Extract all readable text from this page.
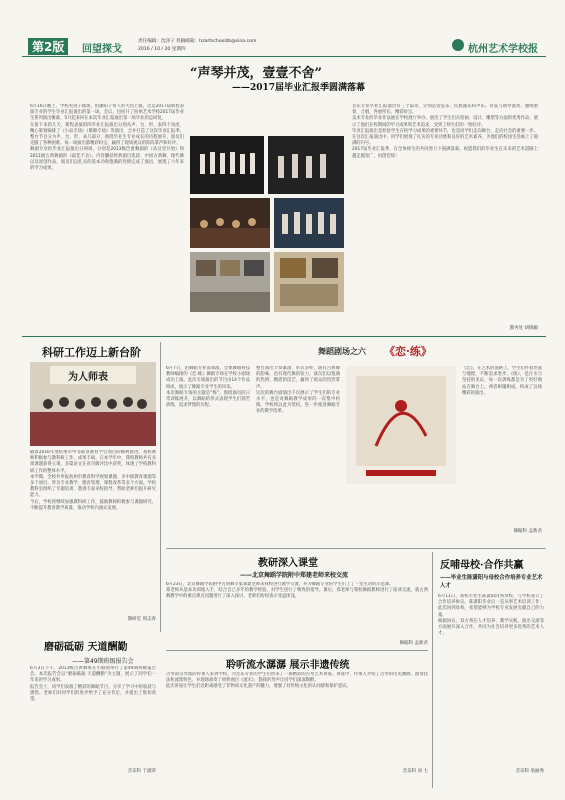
第2版	回望探戈
责任编辑：沈泽子 投稿邮箱：hzartschoolzb@sina.com
2016 / 10 / 20 星期四	杭州艺术学校报
“声琴并茂，壹壹不舍”
——2017届毕业汇报季圆满落幕
6月16日晚上，学校英语子剧场，由潘阳子带人的大热上演。这是2017届新程表演专业的学生毕业汇报演出的第一场。会议，包括开了杭州艺术学校2017届毕业生系列演出帷幕，5月起来回在本次毕业汇报演出第一场毕业的总回复。
在接下来的几天，新程表演的四毕业汇报演出分别从声、台、形、表四个角度，精心策划编排了《小品专场》《歌舞专场》等演出，合并打造了这次毕业汇报季。整台节目分为声、台、形、表几部分，围绕毕业生专业成长的历程展开，演员们克服了各种困难。每一场演出都精彩纷呈，赢得了现场观众的阵阵掌声和好评。
舞剧专业的毕业汇报演出分两场，分别是2013级芭蕾舞剧的《从这里开始》和2011级古典舞剧的《最佳不舍》，内容囊括经典剧目选段、中国古典舞、现代舞以及原创作品。演员们以扎实的基本功和饱满的热情完成了演出，展现了六年来的学习成果。
音乐专业毕业汇报演出有三个篇章，分别是管弦乐、民族器乐和声乐。管弦与钢琴演奏、独唱重奏、合唱，各展所长，精彩纷呈。
美术专业的毕业作品展在学校展厅举办，展出了学生们在绘画、设计、雕塑等方面的优秀作品，展示了他们在校期间的学习成果和艺术追求，受到了师生们的一致好评。
毕业汇报演出是检验学生在校学习成果的重要环节，也是同学们走向舞台、走向社会的重要一步。在这次汇报演出中，同学们展现了扎实的专业功底和良好的艺术素养，为他们的校园生活画上了圆满的句号。
2017届毕业汇报季，在全体师生的共同努力下圆满落幕。祝愿我们的毕业生在未来的艺术道路上越走越宽广，再创佳绩！
教务处 胡锦颖
科研工作迈上新台阶
为人师表
随着2016年度杭州市中等职业教育学会项目的顺利推进，我校教师积极参与教科研工作，成果丰硕。在本学年中，我校教师共有多项课题获得立项，多篇论文在省市级评比中获奖，体现了学校教科研工作的整体水平。
本学期，全校共申报杭州市教育科学规划课题、市中职教育课题等多个项目，涉及专业教学、德育管理、课程改革等多个方面。学校教科室组织了专题培训，邀请专家来校指导，帮助老师们提升研究能力。
今后，学校将继续加强教科研工作，鼓励教师积极参与课题研究，不断提升教育教学质量，推动学校内涵式发展。
教研室 周志春
磨砺砥砺 天道酬勤
——第49期班级报告会
6月3日下午，2013级古典舞班在小剧场举行了第49期班级报告会。本次报告会以“磨砺砥砺 天道酬勤”为主题，展示了同学们一年来的学习成果。
报告会上，同学们表演了精彩的舞蹈节目，分享了学习中的收获与感悟。老师们对同学们的进步给予了充分肯定，并提出了殷切希望。
音乐科 于淑荣
舞蹈剧场之六 《恋·练》
6月7日，由舞蹈专业部承演，全体舞蹈科技教师编排的《恋·练》舞蹈专场在学校小剧场成功上演。此次专场演出的节目由14个作品组成，展示了舞蹈专业学生的风采。
本次舞蹈专场的主题是“练”，围绕演员的日常训练展开，以舞蹈的形式表现学生们刻苦训练、追求梦想的历程。
整台演出节奏紧凑、形式多样，既有古典舞的韵味，也有现代舞的张力。演员们以饱满的热情、精湛的技艺，赢得了观众的热烈掌声。
这次的舞台剧演出不仅展示了学生们的专业水平，也是对舞蹈教学成果的一次集中检阅。学校将以此为契机，进一步推进舞蹈专业的教学改革。
《恋》，在艺术的道路上，学生们怀着热爱与憧憬，不断追求进步。《练》，是汗水与坚持的见证，每一次训练都是为了更好地站在舞台上。两者相辅相成，构成了这场精彩的演出。
舞蹈科 孟新君
教研深入课堂
——北京舞蹈学院附中郑建老师来校交流
6月23日，北京舞蹈学院附中古典舞专家郑建老师来我校进行教学交流，并为舞蹈专业的学生们上了一堂生动的示范课。
郑老师从基本功训练入手，结合自己多年的教学经验，对学生进行了细致的指导。课后，郑老师与我校舞蹈教师进行了座谈交流，就古典舞教学中的重点难点问题进行了深入探讨，老师们纷纷表示受益匪浅。
舞蹈科 孟新君
反哺母校·合作共赢
——毕业生陈潇阳与母校合作培养专业艺术人才
6月11日，我校毕业生陈潇阳回到母校，与学校签订了合作培养协议。陈潇阳毕业后一直从事艺术培训工作，此次回到母校，希望能够为学校专业发展贡献自己的力量。
根据协议，双方将在人才培养、教学实践、演出交流等方面展开深入合作，共同为社会培养更多优秀的艺术人才。
音乐科 翁丽秀
聆听流水潺潺 展示非遗传统
古琴南宗琴派的传承人来到学校，为音乐专业的学生们带来了一场精彩的古琴艺术讲座。讲座中，传承人介绍了古琴的历史渊源、演奏技法和流派特色，并现场演奏了经典曲目《流水》，悠扬的琴声让同学们深深陶醉。
此次讲座让学生们近距离感受了非物质文化遗产的魅力，增强了对传统文化的认同感和保护意识。
音乐科 刘 七
